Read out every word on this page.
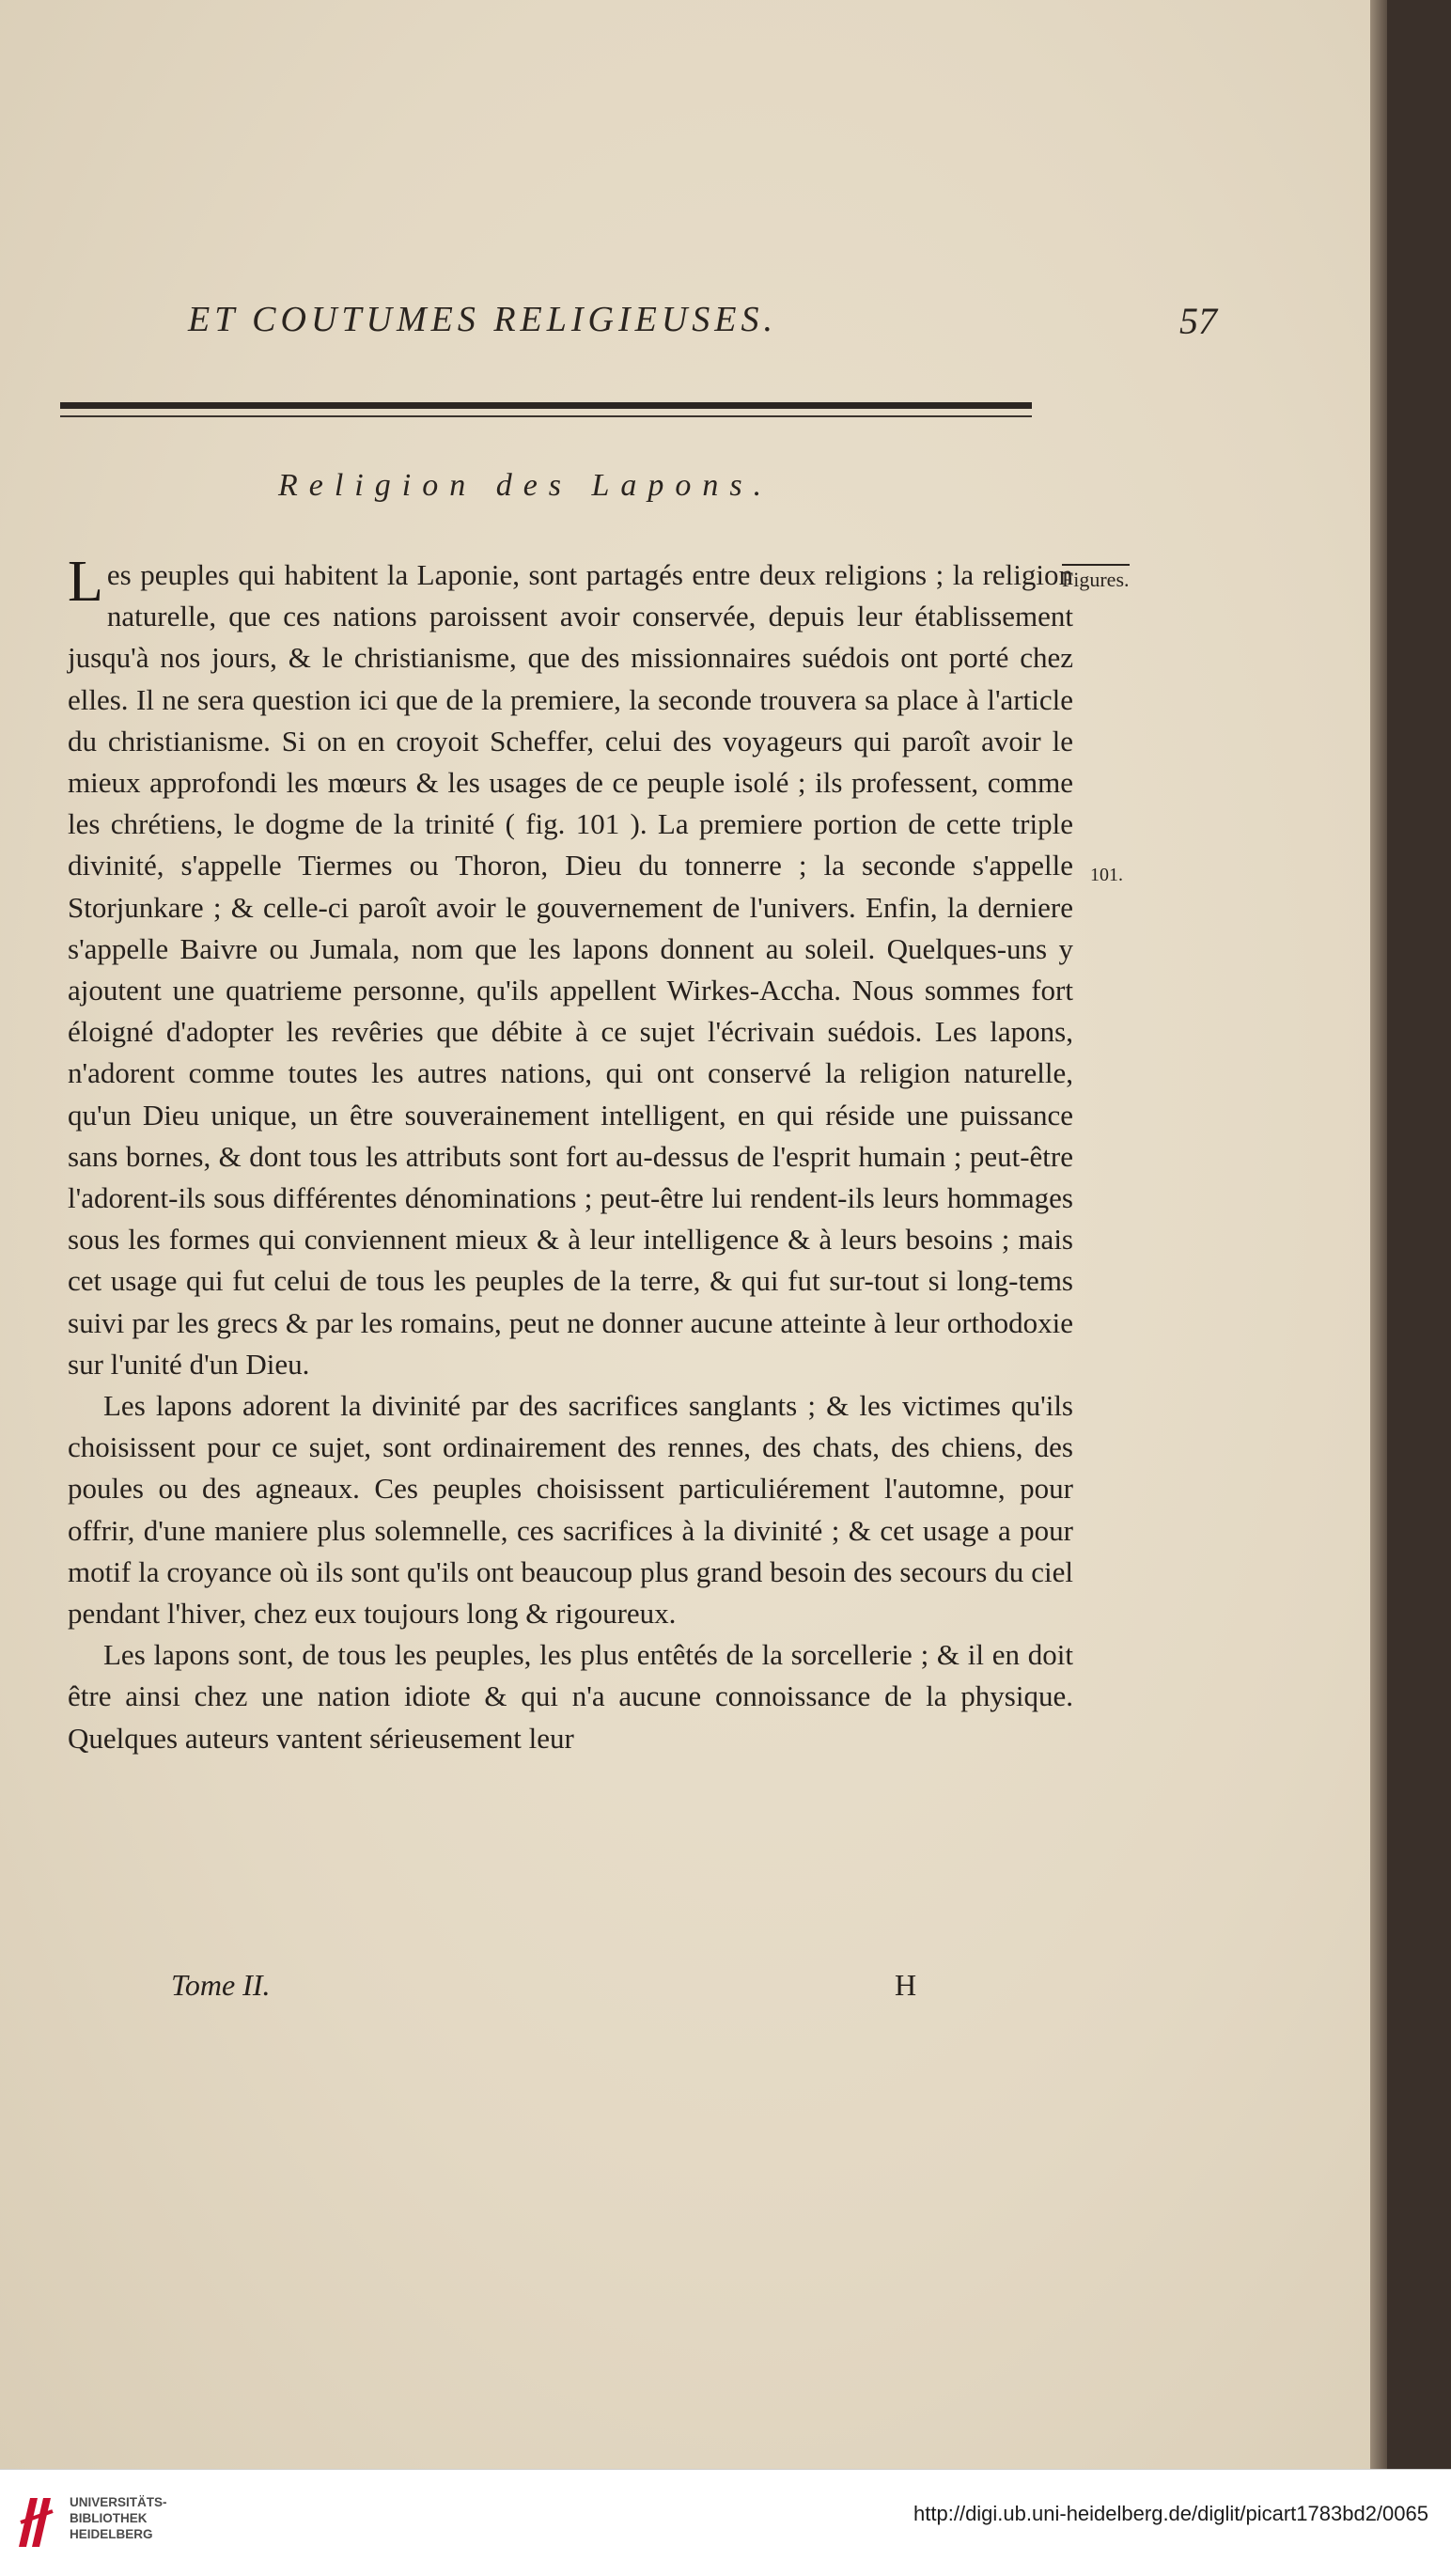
ET COUTUMES RELIGIEUSES.	57
Religion des Lapons.
Figures.
101.

Les peuples qui habitent la Laponie, sont partagés entre deux religions ; la religion naturelle, que ces nations paroissent avoir conservée, depuis leur établissement jusqu'à nos jours, & le christianisme, que des missionnaires suédois ont porté chez elles. Il ne sera question ici que de la premiere, la seconde trouvera sa place à l'article du christianisme. Si on en croyoit Scheffer, celui des voyageurs qui paroît avoir le mieux approfondi les mœurs & les usages de ce peuple isolé ; ils professent, comme les chrétiens, le dogme de la trinité ( fig. 101 ). La premiere portion de cette triple divinité, s'appelle Tiermes ou Thoron, Dieu du tonnerre ; la seconde s'appelle Storjunkare ; & celle-ci paroît avoir le gouvernement de l'univers. Enfin, la derniere s'appelle Baivre ou Jumala, nom que les lapons donnent au soleil. Quelques-uns y ajoutent une quatrieme personne, qu'ils appellent Wirkes-Accha. Nous sommes fort éloigné d'adopter les revêries que débite à ce sujet l'écrivain suédois. Les lapons, n'adorent comme toutes les autres nations, qui ont conservé la religion naturelle, qu'un Dieu unique, un être souverainement intelligent, en qui réside une puissance sans bornes, & dont tous les attributs sont fort au-dessus de l'esprit humain ; peut-être l'adorent-ils sous différentes dénominations ; peut-être lui rendent-ils leurs hommages sous les formes qui conviennent mieux & à leur intelligence & à leurs besoins ; mais cet usage qui fut celui de tous les peuples de la terre, & qui fut sur-tout si long-tems suivi par les grecs & par les romains, peut ne donner aucune atteinte à leur orthodoxie sur l'unité d'un Dieu.

Les lapons adorent la divinité par des sacrifices sanglants ; & les victimes qu'ils choisissent pour ce sujet, sont ordinairement des rennes, des chats, des chiens, des poules ou des agneaux. Ces peuples choisissent particuliérement l'automne, pour offrir, d'une maniere plus solemnelle, ces sacrifices à la divinité ; & cet usage a pour motif la croyance où ils sont qu'ils ont beaucoup plus grand besoin des secours du ciel pendant l'hiver, chez eux toujours long & rigoureux.

Les lapons sont, de tous les peuples, les plus entêtés de la sorcellerie ; & il en doit être ainsi chez une nation idiote & qui n'a aucune connoissance de la physique. Quelques auteurs vantent sérieusement leur

Tome II.	H
UNIVERSITÄTS-
BIBLIOTHEK
HEIDELBERG
http://digi.ub.uni-heidelberg.de/diglit/picart1783bd2/0065
